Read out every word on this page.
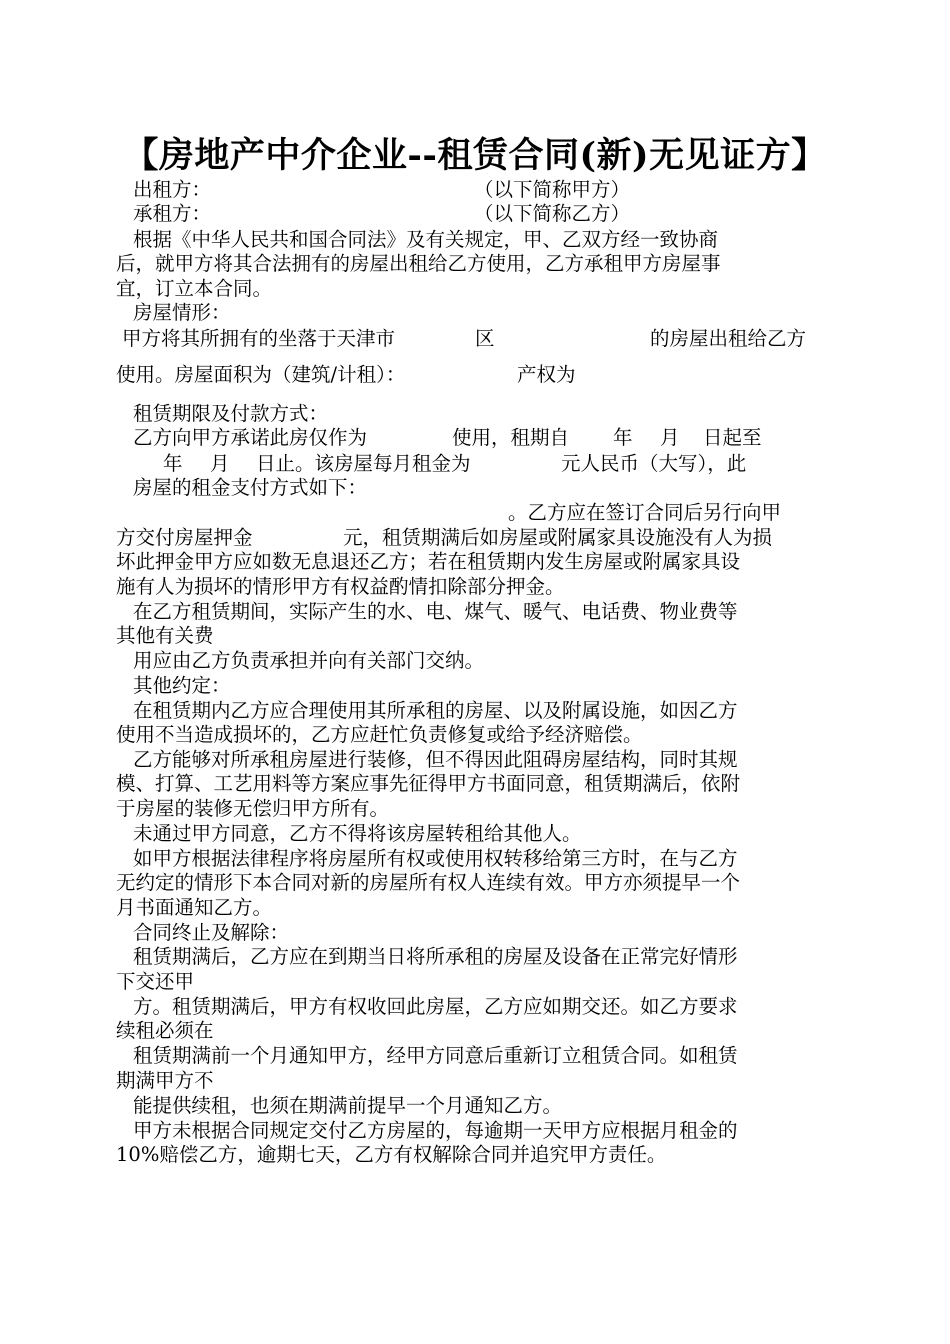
【房地产中介企业--租赁合同(新)无见证方】
出租方：	（以下简称甲方）
承租方：	（以下简称乙方）
根据《中华人民共和国合同法》及有关规定，甲、乙双方经一致协商
后，就甲方将其合法拥有的房屋出租给乙方使用，乙方承租甲方房屋事
宜，订立本合同。
房屋情形：
甲方将其所拥有的坐落于天津市	区	的房屋出租给乙方
使用。房屋面积为（建筑/计租）：	产权为
租赁期限及付款方式：
乙方向甲方承诺此房仅作为	使用，租期自 年 月 日起至
年 月 日止。该房屋每月租金为	元人民币（大写），此
房屋的租金支付方式如下：
。乙方应在签订合同后另行向甲
方交付房屋押金	元，租赁期满后如房屋或附属家具设施没有人为损
坏此押金甲方应如数无息退还乙方；若在租赁期内发生房屋或附属家具设
施有人为损坏的情形甲方有权益酌情扣除部分押金。
在乙方租赁期间，实际产生的水、电、煤气、暖气、电话费、物业费等
其他有关费
用应由乙方负责承担并向有关部门交纳。
其他约定：
在租赁期内乙方应合理使用其所承租的房屋、以及附属设施，如因乙方
使用不当造成损坏的，乙方应赶忙负责修复或给予经济赔偿。
乙方能够对所承租房屋进行装修，但不得因此阻碍房屋结构，同时其规
模、打算、工艺用料等方案应事先征得甲方书面同意，租赁期满后，依附
于房屋的装修无偿归甲方所有。
未通过甲方同意，乙方不得将该房屋转租给其他人。
如甲方根据法律程序将房屋所有权或使用权转移给第三方时，在与乙方
无约定的情形下本合同对新的房屋所有权人连续有效。甲方亦须提早一个
月书面通知乙方。
合同终止及解除：
租赁期满后，乙方应在到期当日将所承租的房屋及设备在正常完好情形
下交还甲
方。租赁期满后，甲方有权收回此房屋，乙方应如期交还。如乙方要求
续租必须在
租赁期满前一个月通知甲方，经甲方同意后重新订立租赁合同。如租赁
期满甲方不
能提供续租，也须在期满前提早一个月通知乙方。
甲方未根据合同规定交付乙方房屋的，每逾期一天甲方应根据月租金的
10%赔偿乙方，逾期七天，乙方有权解除合同并追究甲方责任。
